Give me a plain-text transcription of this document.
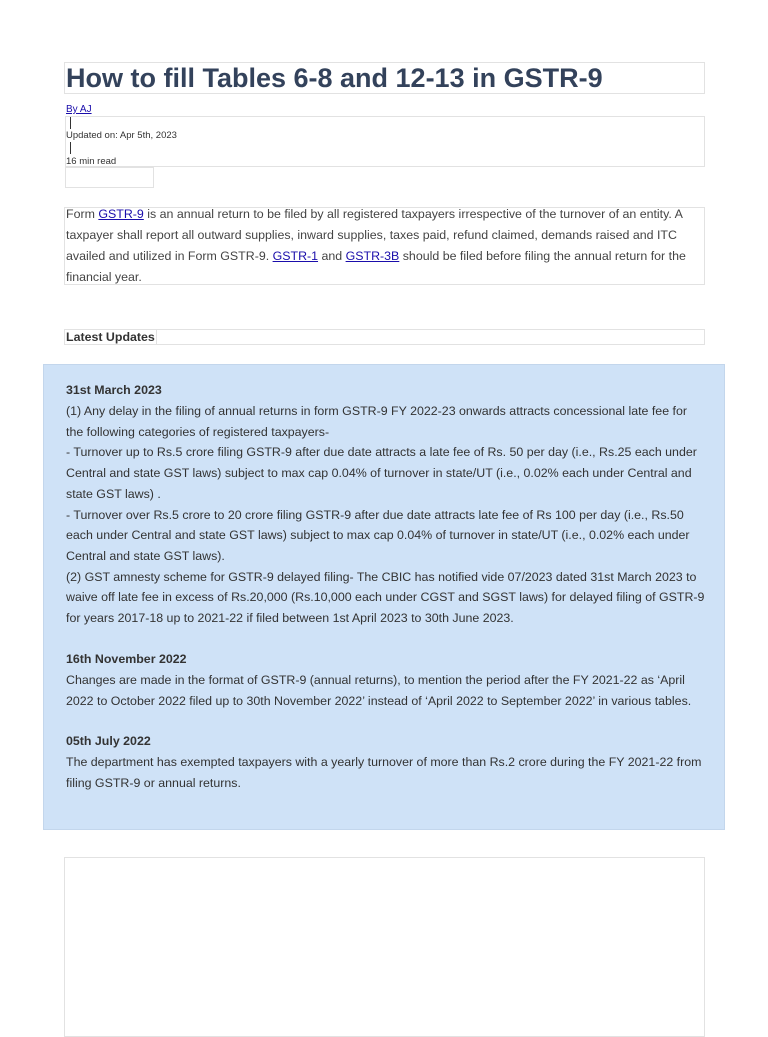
How to fill Tables 6-8 and 12-13 in GSTR-9
By AJ
Updated on: Apr 5th, 2023
16 min read

Form GSTR-9 is an annual return to be filed by all registered taxpayers irrespective of the turnover of an entity. A taxpayer shall report all outward supplies, inward supplies, taxes paid, refund claimed, demands raised and ITC availed and utilized in Form GSTR-9. GSTR-1 and GSTR-3B should be filed before filing the annual return for the financial year.

Latest Updates

31st March 2023

(1) Any delay in the filing of annual returns in form GSTR-9 FY 2022-23 onwards attracts concessional late fee for

the following categories of registered taxpayers-

- Turnover up to Rs.5 crore filing GSTR-9 after due date attracts a late fee of Rs. 50 per day (i.e., Rs.25 each under

Central and state GST laws) subject to max cap 0.04% of turnover in state/UT (i.e., 0.02% each under Central and

state GST laws) .

- Turnover over Rs.5 crore to 20 crore filing GSTR-9 after due date attracts late fee of Rs 100 per day (i.e., Rs.50

each under Central and state GST laws) subject to max cap 0.04% of turnover in state/UT (i.e., 0.02% each under

Central and state GST laws).

(2) GST amnesty scheme for GSTR-9 delayed filing- The CBIC has notified vide 07/2023 dated 31st March 2023 to

waive off late fee in excess of Rs.20,000 (Rs.10,000 each under CGST and SGST laws) for delayed filing of GSTR-9

for years 2017-18 up to 2021-22 if filed between 1st April 2023 to 30th June 2023.

16th November 2022

Changes are made in the format of GSTR-9 (annual returns), to mention the period after the FY 2021-22 as ‘April

2022 to October 2022 filed up to 30th November 2022’ instead of ‘April 2022 to September 2022’ in various tables.

05th July 2022

The department has exempted taxpayers with a yearly turnover of more than Rs.2 crore during the FY 2021-22 from

filing GSTR-9 or annual returns.
